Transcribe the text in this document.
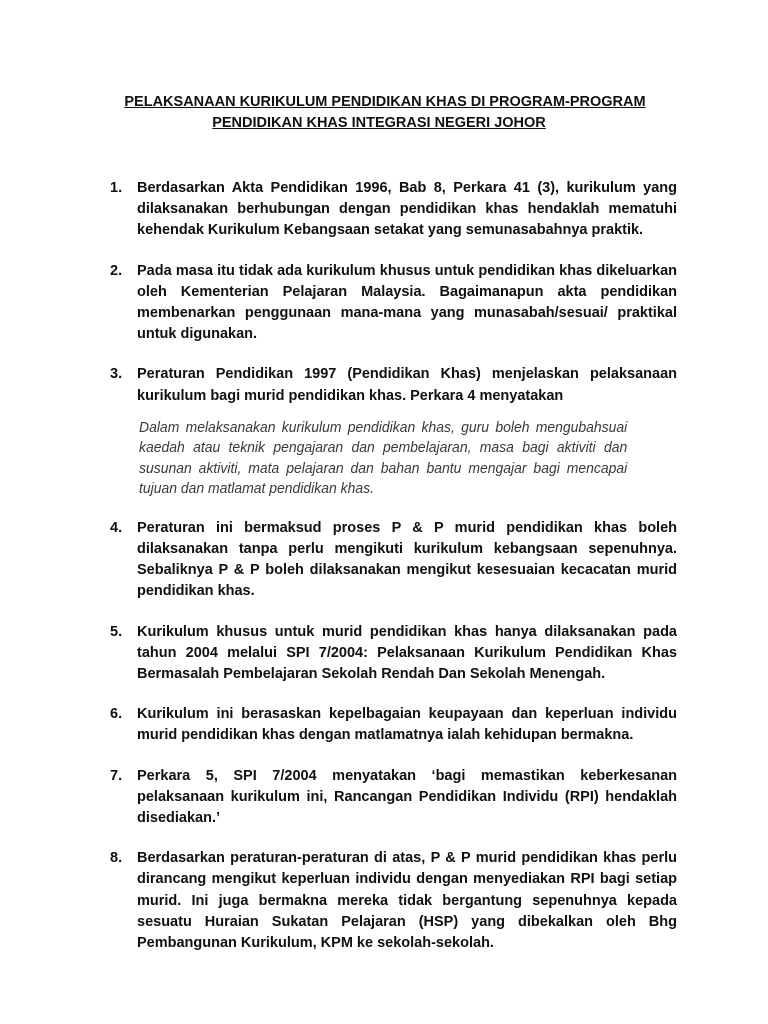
PELAKSANAAN KURIKULUM PENDIDIKAN KHAS DI PROGRAM-PROGRAM
PENDIDIKAN KHAS INTEGRASI NEGERI JOHOR
1. Berdasarkan Akta Pendidikan 1996, Bab 8, Perkara 41 (3), kurikulum yang dilaksanakan berhubungan dengan pendidikan khas hendaklah mematuhi kehendak Kurikulum Kebangsaan setakat yang semunasabahnya praktik.
2. Pada masa itu tidak ada kurikulum khusus untuk pendidikan khas dikeluarkan oleh Kementerian Pelajaran Malaysia. Bagaimanapun akta pendidikan membenarkan penggunaan mana-mana yang munasabah/sesuai/ praktikal untuk digunakan.
3. Peraturan Pendidikan 1997 (Pendidikan Khas) menjelaskan pelaksanaan kurikulum bagi murid pendidikan khas. Perkara 4 menyatakan
Dalam melaksanakan kurikulum pendidikan khas, guru boleh mengubahsuai kaedah atau teknik pengajaran dan pembelajaran, masa bagi aktiviti dan susunan aktiviti, mata pelajaran dan bahan bantu mengajar bagi mencapai tujuan dan matlamat pendidikan khas.
4. Peraturan ini bermaksud proses P & P murid pendidikan khas boleh dilaksanakan tanpa perlu mengikuti kurikulum kebangsaan sepenuhnya. Sebaliknya P & P boleh dilaksanakan mengikut kesesuaian kecacatan murid pendidikan khas.
5. Kurikulum khusus untuk murid pendidikan khas hanya dilaksanakan pada tahun 2004 melalui SPI 7/2004: Pelaksanaan Kurikulum Pendidikan Khas Bermasalah Pembelajaran Sekolah Rendah Dan Sekolah Menengah.
6. Kurikulum ini berasaskan kepelbagaian keupayaan dan keperluan individu murid pendidikan khas dengan matlamatnya ialah kehidupan bermakna.
7. Perkara 5, SPI 7/2004 menyatakan ‘bagi memastikan keberkesanan pelaksanaan kurikulum ini, Rancangan Pendidikan Individu (RPI) hendaklah disediakan.’
8. Berdasarkan peraturan-peraturan di atas, P & P murid pendidikan khas perlu dirancang mengikut keperluan individu dengan menyediakan RPI bagi setiap murid. Ini juga bermakna mereka tidak bergantung sepenuhnya kepada sesuatu Huraian Sukatan Pelajaran (HSP) yang dibekalkan oleh Bhg Pembangunan Kurikulum, KPM ke sekolah-sekolah.
